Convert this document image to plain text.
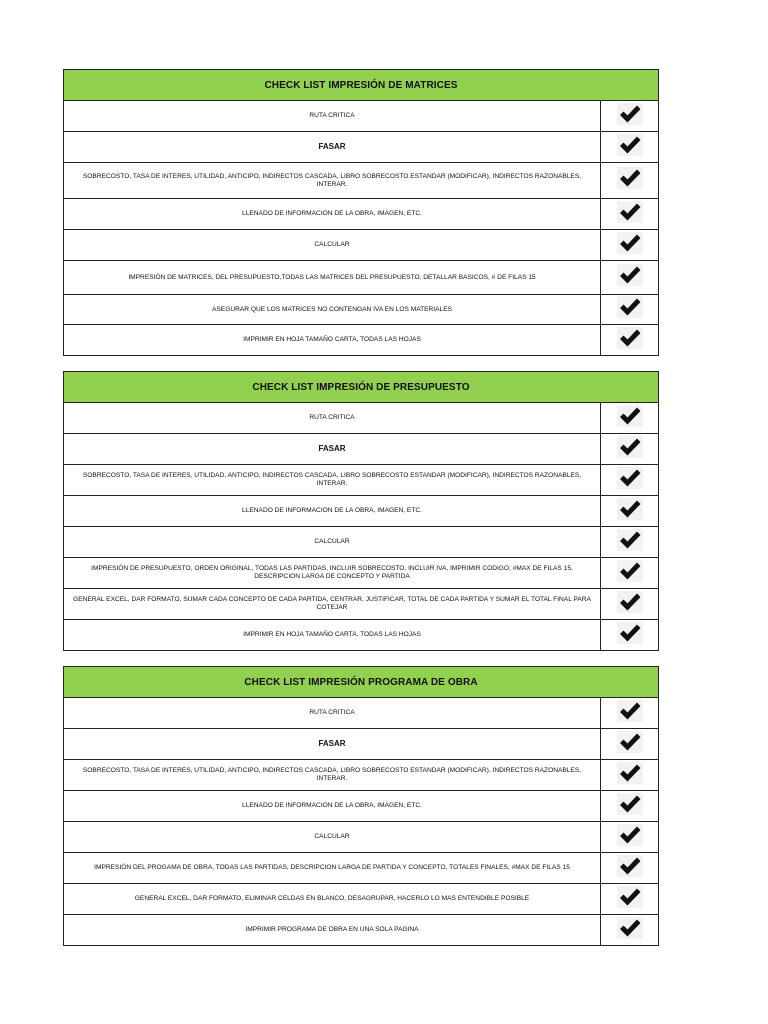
CHECK LIST IMPRESIÓN DE MATRICES	
RUTA CRITICA	

FASAR	

SOBRECOSTO, TASA DE INTERES, UTILIDAD, ANTICIPO, INDIRECTOS CASCADA, LIBRO SOBRECOSTO ESTANDAR (MODIFICAR), INDIRECTOS RAZONABLES, INTERAR.	

LLENADO DE INFORMACION DE LA OBRA, IMAGEN, ETC.	

CALCULAR	

IMPRESIÓN DE MATRICES, DEL PRESUPUESTO,TODAS LAS MATRICES DEL PRESUPUESTO, DETALLAR BASICOS, # DE FILAS 15	

ASEGURAR QUE LOS MATRICES NO CONTENGAN IVA EN LOS MATERIALES	

IMPRIMIR EN HOJA TAMAÑO CARTA, TODAS LAS HOJAS	
CHECK LIST IMPRESIÓN DE PRESUPUESTO	
RUTA CRITICA	

FASAR	

SOBRECOSTO, TASA DE INTERES, UTILIDAD, ANTICIPO, INDIRECTOS CASCADA, LIBRO SOBRECOSTO ESTANDAR (MODIFICAR), INDIRECTOS RAZONABLES, INTERAR.	

LLENADO DE INFORMACION DE LA OBRA, IMAGEN, ETC.	

CALCULAR	

IMPRESIÓN DE PRESUPUESTO, ORDEN ORIGINAL, TODAS LAS PARTIDAS, INCLUIR SOBRECOSTO, INCLUIR IVA, IMPRIMIR CODIGO, #MAX DE FILAS 15, DESCRIPCION LARGA DE CONCEPTO Y PARTIDA	

GENERAL EXCEL, DAR FORMATO, SUMAR CADA CONCEPTO DE CADA PARTIDA, CENTRAR, JUSTIFICAR, TOTAL DE CADA PARTIDA Y SUMAR EL TOTAL FINAL PARA COTEJAR	

IMPRIMIR EN HOJA TAMAÑO CARTA, TODAS LAS HOJAS	
CHECK LIST IMPRESIÓN PROGRAMA DE OBRA	
RUTA CRITICA	

FASAR	

SOBRECOSTO, TASA DE INTERES, UTILIDAD, ANTICIPO, INDIRECTOS CASCADA, LIBRO SOBRECOSTO ESTANDAR (MODIFICAR), INDIRECTOS RAZONABLES, INTERAR.	

LLENADO DE INFORMACION DE LA OBRA, IMAGEN, ETC.	

CALCULAR	

IMPRESIÓN DEL PROGAMA DE OBRA, TODAS LAS PARTIDAS, DESCRIPCION LARGA DE PARTIDA Y CONCEPTO, TOTALES FINALES, #MAX DE FILAS 15	

GENERAL EXCEL, DAR FORMATO, ELIMINAR CELDAS EN BLANCO, DESAGRUPAR, HACERLO LO MAS ENTENDIBLE POSIBLE	

IMPRIMIR PROGRAMA DE OBRA EN UNA SOLA PAGINA	
